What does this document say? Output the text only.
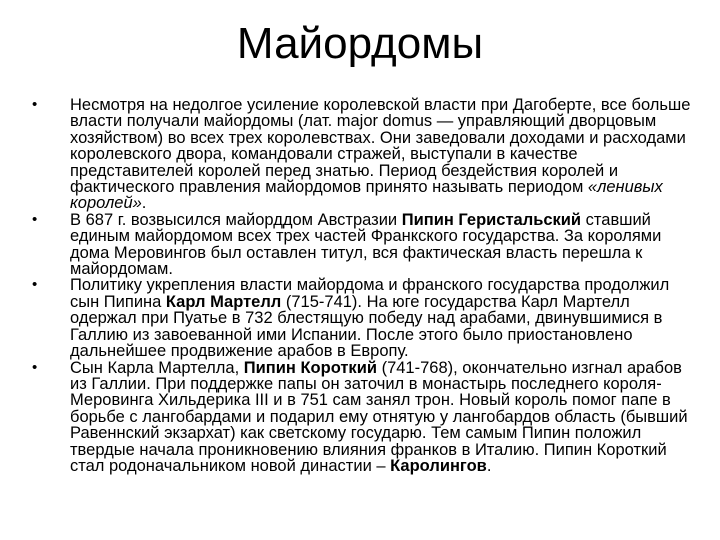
Майордомы
• Несмотря на недолгое усиление королевской власти при Дагоберте, все больше власти получали майордомы (лат. major domus — управляющий дворцовым хозяйством) во всех трех королевствах. Они заведовали доходами и расходами королевского двора, командовали стражей, выступали в качестве представителей королей перед знатью. Период бездействия королей и фактического правления майордомов принято называть периодом «ленивых королей».
• В 687 г. возвысился майорддом Австразии Пипин Геристальский ставший единым майордомом всех трех частей Франкского государства. За королями дома Меровингов был оставлен титул, вся фактическая власть перешла к майордомам.
• Политику укрепления власти майордома и франского государства продолжил сын Пипина Карл Мартелл (715-741). На юге государства Карл Мартелл одержал при Пуатье в 732 блестящую победу над арабами, двинувшимися в Галлию из завоеванной ими Испании. После этого было приостановлено дальнейшее продвижение арабов в Европу.
• Сын Карла Мартелла, Пипин Короткий (741-768), окончательно изгнал арабов из Галлии. При поддержке папы он заточил в монастырь последнего короля-Меровинга Хильдерика III и в 751 сам занял трон. Новый король помог папе в борьбе с лангобардами и подарил ему отнятую у лангобардов область (бывший Равеннский экзархат) как светскому государю. Тем самым Пипин положил твердые начала проникновению влияния франков в Италию. Пипин Короткий стал родоначальником новой династии – Каролингов.
